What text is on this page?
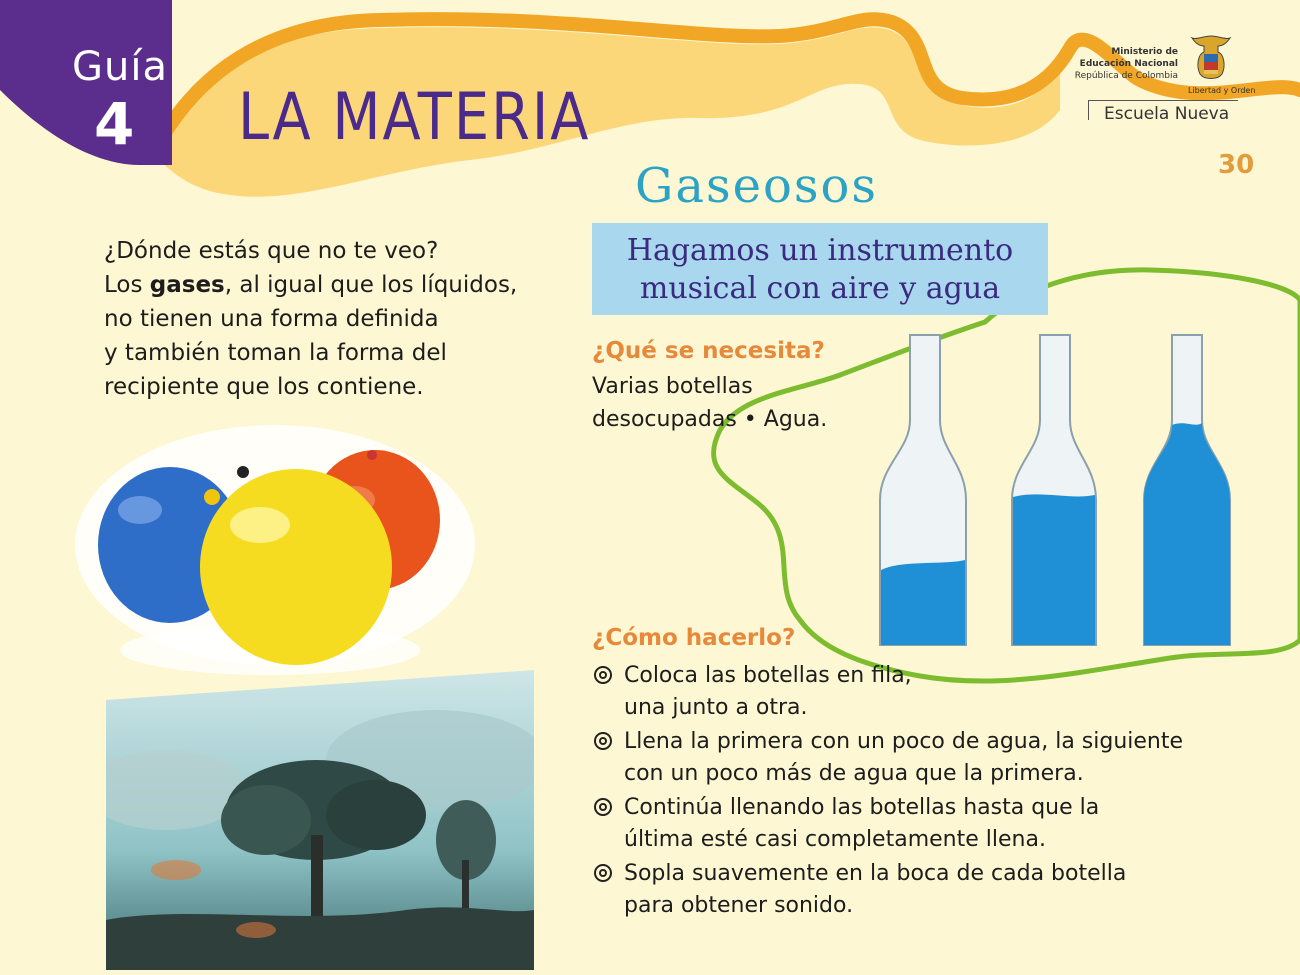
Guía
4 LA MATERIA
Ministerio de
Educación Nacional
República de Colombia
Libertad y Orden
Escuela Nueva
30
Gaseosos
Hagamos un instrumento
musical con aire y agua
¿Dónde estás que no te veo?
Los gases, al igual que los líquidos,
no tienen una forma definida
y también toman la forma del
recipiente que los contiene.
¿Qué se necesita?
Varias botellas
desocupadas • Agua.
¿Cómo hacerlo?
Coloca las botellas en fila,
una junto a otra.
Llena la primera con un poco de agua, la siguiente
con un poco más de agua que la primera.
Continúa llenando las botellas hasta que la
última esté casi completamente llena.
Sopla suavemente en la boca de cada botella
para obtener sonido.
